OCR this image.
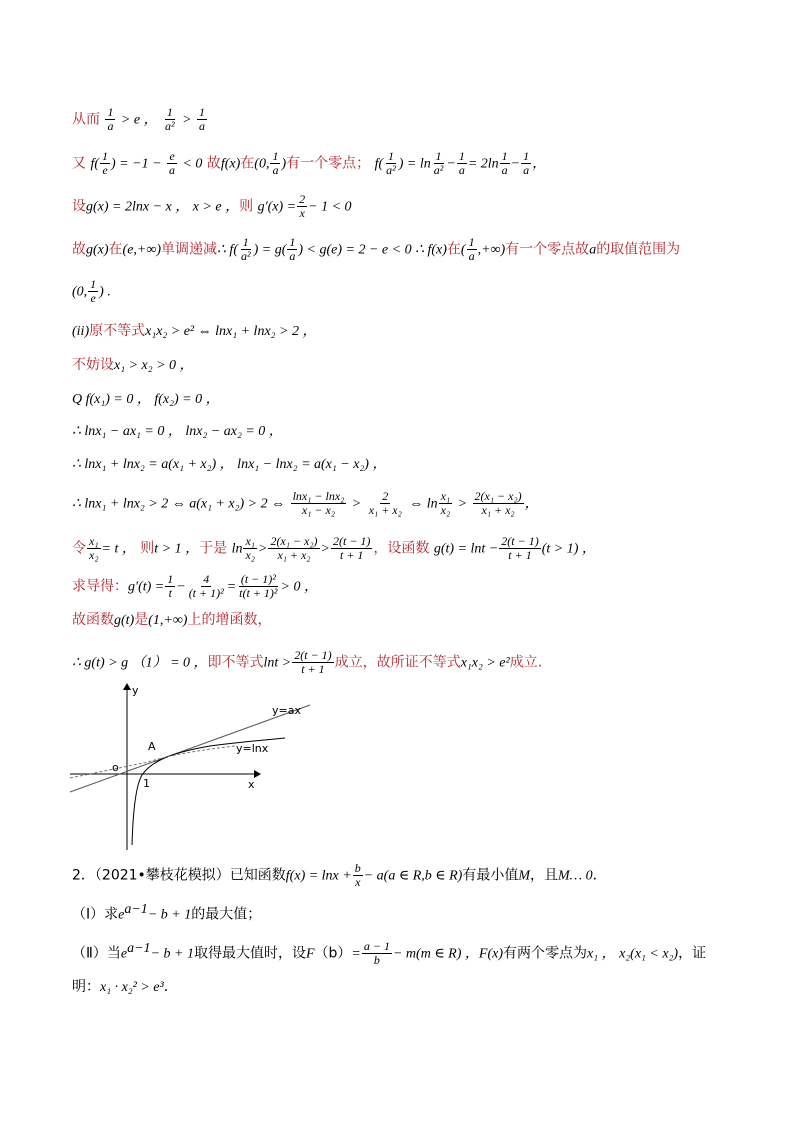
从而 $\frac{1}{a} > e$ ， $\frac{1}{\text{a²}} > \frac{1}{a}$
又 $f( \frac{1}{e}$ ) = $-1 - \frac{e}{a} < 0$ 故f(x)在(0, $\frac{1}{a}$ )有一个零点； $f( \frac{1}{\text{a²}}$ ) = $\ln \frac{1}{\text{a²}} - \frac{1}{a} = 2\ln \frac{1}{a} - \frac{1}{a}$ ，
设g(x) = 2lnx − x ， x > e ，则 $g'(x) = \frac{2}{x} - 1 < 0$
故g(x)在(e,+∞)单调递减∴ $f( \frac{1}{\text{a²}}$ ) = $g( \frac{1}{a}$ ) < g(e) = 2 − e < 0 ∴ f(x)在( $\frac{1}{a}$ ,+∞)有一个零点故a的取值范围为
(0, $\frac{1}{e}$ ) .
(ii)原不等式x₁x₂ > e² ⇔ lnx₁ + lnx₂ > 2 ，
不妨设x₁ > x₂ > 0 ，
Q f(x₁) = 0 ， f(x₂) = 0 ，
∴ lnx₁ − ax₁ = 0 ， lnx₂ − ax₂ = 0 ，
∴ lnx₁ + lnx₂ = a(x₁ + x₂) ， lnx₁ − lnx₂ = a(x₁ − x₂) ，
∴ lnx₁ + lnx₂ > 2 ⇔ a(x₁ + x₂) > 2 ⇔ $\frac{\text{lnx₁ − lnx₂}}{\text{x₁ − x₂}} > \frac{2}{\text{x₁ + x₂}}$ ⇔ $\ln \frac{\text{x₁}}{\text{x₂}} > \frac{\text{2(x₁ − x₂)}}{\text{x₁ + x₂}}$ ，
令 $\frac{\text{x₁}}{\text{x₂}} = t$ ， 则t > 1 ，于是 $\ln \frac{\text{x₁}}{\text{x₂}} > \frac{\text{2(x₁ − x₂)}}{\text{x₁ + x₂}} > \frac{2(t - 1)}{t + 1}$ ，设函数 $g(t) = \ln t - \frac{2(t - 1)}{t + 1} (t > 1)$ ，
求导得：$g'(t) = \frac{1}{t} - \frac{4}{\text{(t + 1)²}} = \frac{\text{(t − 1)²}}{\text{t(t + 1)²}} > 0$ ，
故函数g(t)是(1,+∞)上的增函数，
∴ g(t) > g （1） = 0 ，即不等式$\ln t > \frac{2(t - 1)}{t + 1}$ 成立，故所证不等式x₁x₂ > e²成立.
y
x
o
1
A
y=ax
y=lnx
2．（2021•攀枝花模拟）已知函数$f(x) = \ln x + \frac{b}{x} - a(a$ ∈ R,b ∈ R)有最小值M，且M… 0．
（Ⅰ）求$e^{a-1}- b + 1$的最大值；
（Ⅱ）当$e^{a-1}- b + 1$取得最大值时，设$F(b)= \frac{a - 1}{b} - m(m$ ∈ R) ，F(x)有两个零点为x₁ ， x₂(x₁ < x₂)，证
明：x₁ · x₂² > e³．
